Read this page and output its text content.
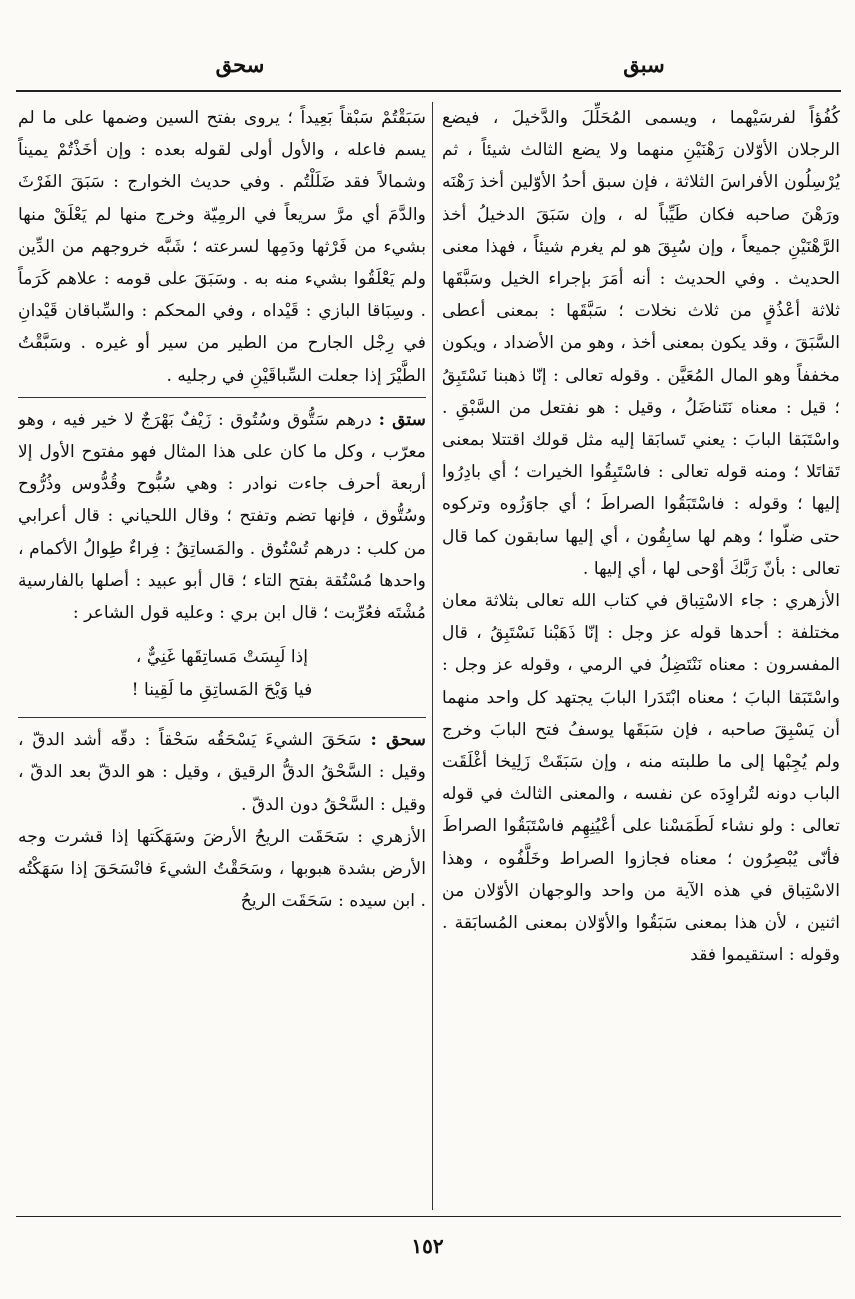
سبق
سحق

كُفُؤاً لفرسَيْهما ، ويسمى المُحَلِّلَ والدَّخيلَ ، فيضع الرجلان الأوّلان رَهْنَيْنِ منهما ولا يضع الثالث شيئاً ، ثم يُرْسِلُون الأفراسَ الثلاثة ، فإن سبق أحدُ الأوّلين أخذ رَهْنَه ورَهْنَ صاحبه فكان طَيِّباً له ، وإن سَبَقَ الدخيلُ أخذ الرَّهْنَيْنِ جميعاً ، وإن سُبِقَ هو لم يغرم شيئاً ، فهذا معنى الحديث . وفي الحديث : أنه أمَرَ بإجراء الخيل وسَبَّقَها ثلاثة أعْذُقٍ من ثلاث نخلات ؛ سَبَّقَها : بمعنى أعطى السَّبَقَ ، وقد يكون بمعنى أخذ ، وهو من الأضداد ، ويكون مخففاً وهو المال المُعَيَّن . وقوله تعالى : إنّا ذهبنا نَسْتَبِقُ ؛ قيل : معناه نَتَناضَلُ ، وقيل : هو نفتعل من السَّبْقِ . واسْتَبَقا البابَ : يعني تَسابَقا إليه مثل قولك اقتتلا بمعنى تَقاتَلا ؛ ومنه قوله تعالى : فاسْتَبِقُوا الخيرات ؛ أي بادِرُوا إليها ؛ وقوله : فاسْتَبَقُوا الصراطَ ؛ أي جاوَزُوه وتركوه حتى ضلّوا ؛ وهم لها سابِقُون ، أي إليها سابقون كما قال تعالى : بأنّ رَبَّكَ أوْحى لها ، أي إليها .

الأزهري : جاء الاسْتِباق في كتاب الله تعالى بثلاثة معان مختلفة : أحدها قوله عز وجل : إنّا ذَهَبْنا نَسْتَبِقُ ، قال المفسرون : معناه نَنْتَضِلُ في الرمي ، وقوله عز وجل : واسْتَبَقا البابَ ؛ معناه ابْتَدَرا البابَ يجتهد كل واحد منهما أن يَسْبِقَ صاحبه ، فإن سَبَقَها يوسفُ فتح البابَ وخرج ولم يُجِبْها إلى ما طلبته منه ، وإن سَبَقَتْ زَلِيخا أغْلَقَت الباب دونه لتُراوِدَه عن نفسه ، والمعنى الثالث في قوله تعالى : ولو نشاء لَطَمَسْنا على أعْيُنِهِم فاسْتَبَقُوا الصراطَ فأنّى يُبْصِرُون ؛ معناه فجازوا الصراط وخَلَّفُوه ، وهذا الاسْتِباق في هذه الآية من واحد والوجهان الأوّلان من اثنين ، لأن هذا بمعنى سَبَقُوا والأوّلان بمعنى المُسابَقة . وقوله : استقيموا فقد

سَبَقْتُمْ سَبْقاً بَعِيداً ؛ يروى بفتح السين وضمها على ما لم يسم فاعله ، والأول أولى لقوله بعده : وإن أخَذْتُمْ يميناً وشمالاً فقد ضَلَلْتُم . وفي حديث الخوارج : سَبَقَ الفَرْثَ والدَّمَ أي مرَّ سريعاً في الرمِيّة وخرج منها لم يَعْلَقْ منها بشيء من فَرْثها ودَمِها لسرعته ؛ شَبَّه خروجهم من الدِّين ولم يَعْلَقُوا بشيء منه به . وسَبَقَ على قومه : علاهم كَرَماً . وسِبَاقا البازي : قَيْداه ، وفي المحكم : والسِّباقان قَيْدانِ في رِجْل الجارح من الطير من سير أو غيره . وسَبَّقْتُ الطَّيْرَ إذا جعلت السِّباقَيْنِ في رجليه .

ستق : درهم سَتُّوق وسُتُوق : زَيْفٌ بَهْرَجٌ لا خير فيه ، وهو معرّب ، وكل ما كان على هذا المثال فهو مفتوح الأول إلا أربعة أحرف جاءت نوادر : وهي سُبُّوح وقُدُّوس وذُرُّوح وسُتُّوق ، فإنها تضم وتفتح ؛ وقال اللحياني : قال أعرابي من كلب : درهم تُسْتُوق . والمَساتِقُ : فِراءٌ طِوالُ الأكمام ، واحدها مُسْتُقة بفتح التاء ؛ قال أبو عبيد : أصلها بالفارسية مُشْتَه فعُرِّبت ؛ قال ابن بري : وعليه قول الشاعر :

إذا لَبِسَتْ مَساتِقَها غَنِيٌّ ،
فيا وَيْحَ المَساتِقِ ما لَقِينا !

سحق : سَحَقَ الشيءَ يَسْحَقُه سَحْقاً : دقّه أشد الدقّ ، وقيل : السَّحْقُ الدقُّ الرقيق ، وقيل : هو الدقّ بعد الدقّ ، وقيل : السَّحْقُ دون الدقّ .

الأزهري : سَحَقَت الريحُ الأرضَ وسَهَكَتها إذا قشرت وجه الأرض بشدة هبوبها ، وسَحَقْتُ الشيءَ فانْسَحَقَ إذا سَهَكْتُه . ابن سيده : سَحَقَت الريحُ

١٥٢
